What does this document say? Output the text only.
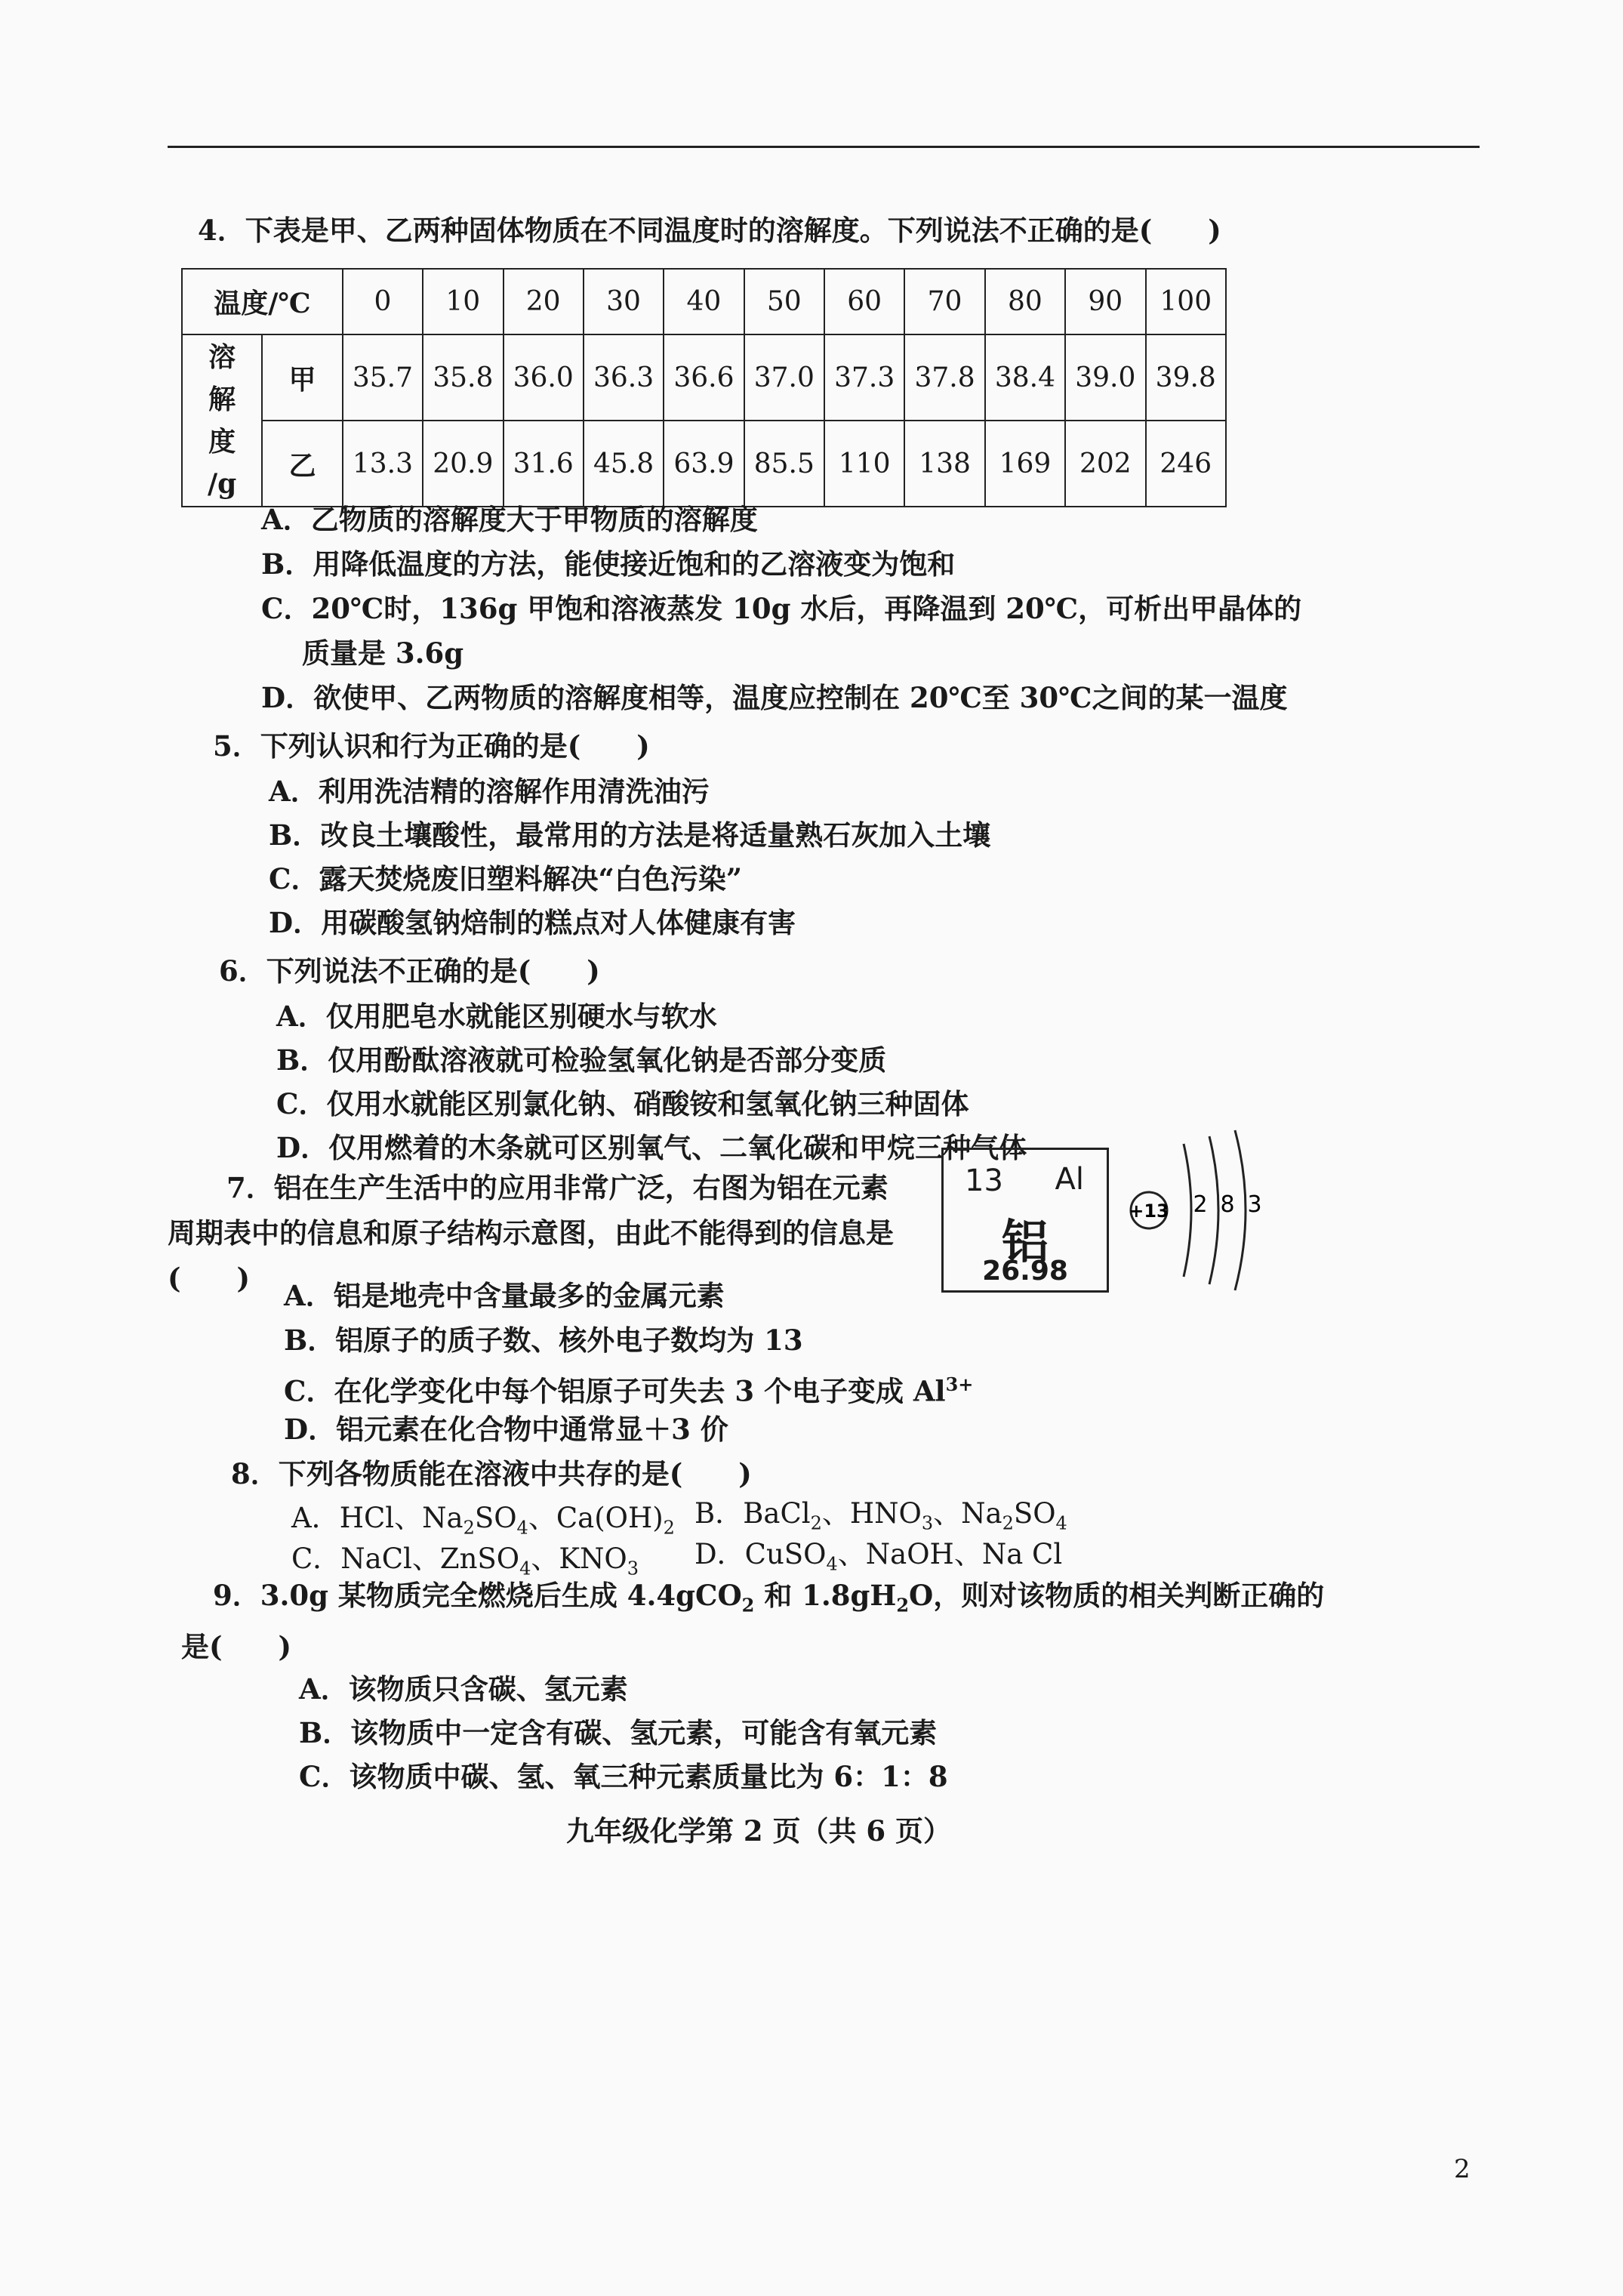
4．下表是甲、乙两种固体物质在不同温度时的溶解度。下列说法不正确的是(　　)
温度/℃		0	10	20	30	40	50	60	70	80	90	100
溶
解
度
/g	甲	35.7	35.8	36.0	36.3	36.6	37.0	37.3	37.8	38.4	39.0	39.8
	乙	13.3	20.9	31.6	45.8	63.9	85.5	110	138	169	202	246
A．乙物质的溶解度大于甲物质的溶解度
B．用降低温度的方法，能使接近饱和的乙溶液变为饱和
C．20℃时，136g 甲饱和溶液蒸发 10g 水后，再降温到 20℃，可析出甲晶体的
质量是 3.6g
D．欲使甲、乙两物质的溶解度相等，温度应控制在 20℃至 30℃之间的某一温度
5．下列认识和行为正确的是(　　)
A．利用洗洁精的溶解作用清洗油污
B．改良土壤酸性，最常用的方法是将适量熟石灰加入土壤
C．露天焚烧废旧塑料解决“白色污染”
D．用碳酸氢钠焙制的糕点对人体健康有害
6．下列说法不正确的是(　　)
A．仅用肥皂水就能区别硬水与软水
B．仅用酚酞溶液就可检验氢氧化钠是否部分变质
C．仅用水就能区别氯化钠、硝酸铵和氢氧化钠三种固体
D．仅用燃着的木条就可区别氧气、二氧化碳和甲烷三种气体
7．铝在生产生活中的应用非常广泛，右图为铝在元素
周期表中的信息和原子结构示意图，由此不能得到的信息是
(　　)
13 Al
铝
26.98
+13 2 8 3
A．铝是地壳中含量最多的金属元素
B．铝原子的质子数、核外电子数均为 13
C．在化学变化中每个铝原子可失去 3 个电子变成 $Al^{3+}$
D．铝元素在化合物中通常显＋3 价
8．下列各物质能在溶液中共存的是(　　)
A．HCl、$Na_2SO_4$、$Ca(OH)_2$ B．BaCl$_2$、$HNO_3$、$Na_2SO_4$
C．NaCl、ZnSO$_4$、$KNO_3$ D．CuSO$_4$、NaOH、Na Cl
9．3.0g 某物质完全燃烧后生成 4.4gCO$_2$ 和 $1.8gH_2O$，则对该物质的相关判断正确的
是(　　)
A．该物质只含碳、氢元素
B．该物质中一定含有碳、氢元素，可能含有氧元素
C．该物质中碳、氢、氧三种元素质量比为 6：1：8
九年级化学第 2 页（共 6 页）
2
